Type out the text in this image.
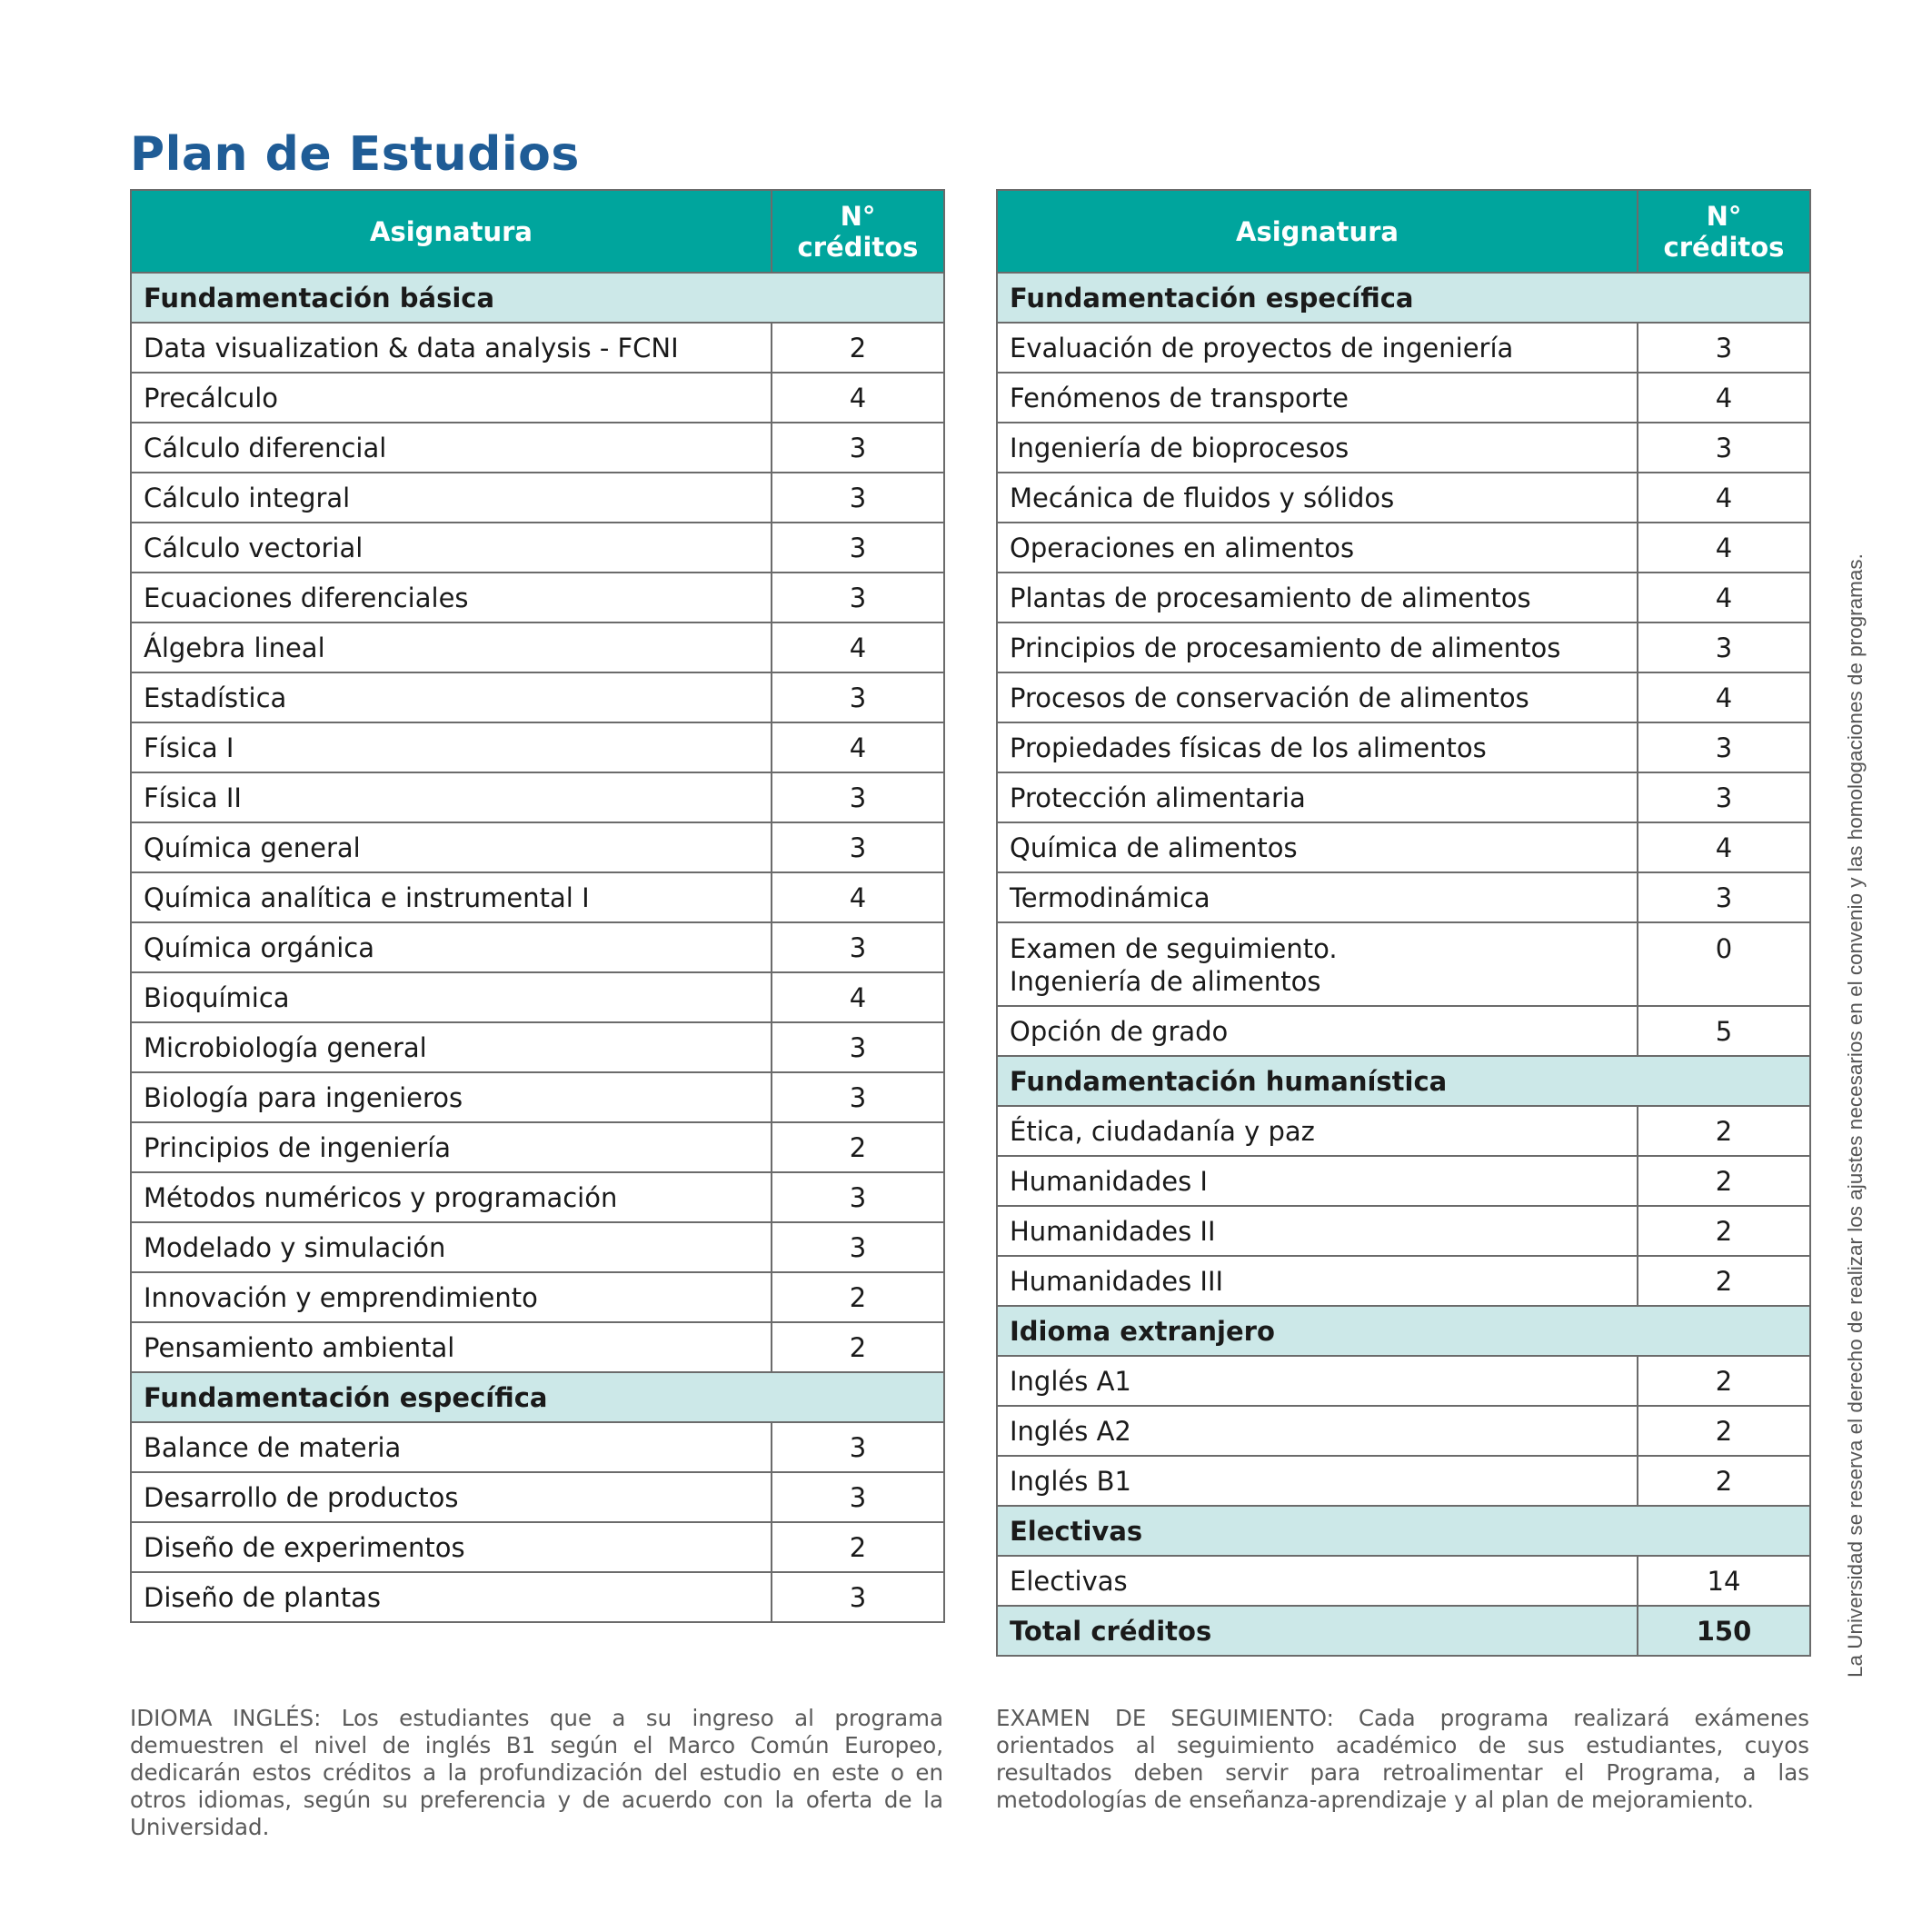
Plan de Estudios
Asignatura	N°
créditos
Fundamentación básica	
Data visualization & data analysis - FCNI	2
Precálculo	4
Cálculo diferencial	3
Cálculo integral	3
Cálculo vectorial	3
Ecuaciones diferenciales	3
Álgebra lineal	4
Estadística	3
Física I	4
Física II	3
Química general	3
Química analítica e instrumental I	4
Química orgánica	3
Bioquímica	4
Microbiología general	3
Biología para ingenieros	3
Principios de ingeniería	2
Métodos numéricos y programación	3
Modelado y simulación	3
Innovación y emprendimiento	2
Pensamiento ambiental	2
Fundamentación específica	
Balance de materia	3
Desarrollo de productos	3
Diseño de experimentos	2
Diseño de plantas	3
Asignatura	N°
créditos
Fundamentación específica	
Evaluación de proyectos de ingeniería	3
Fenómenos de transporte	4
Ingeniería de bioprocesos	3
Mecánica de fluidos y sólidos	4
Operaciones en alimentos	4
Plantas de procesamiento de alimentos	4
Principios de procesamiento de alimentos	3
Procesos de conservación de alimentos	4
Propiedades físicas de los alimentos	3
Protección alimentaria	3
Química de alimentos	4
Termodinámica	3
Examen de seguimiento.
Ingeniería de alimentos	0
Opción de grado	5
Fundamentación humanística	
Ética, ciudadanía y paz	2
Humanidades I	2
Humanidades II	2
Humanidades III	2
Idioma extranjero	
Inglés A1	2
Inglés A2	2
Inglés B1	2
Electivas	
Electivas	14
Total créditos	150

IDIOMA INGLÉS: Los estudiantes que a su ingreso al programa demuestren el nivel de inglés B1 según el Marco Común Europeo, dedicarán estos créditos a la profundización del estudio en este o en otros idiomas, según su preferencia y de acuerdo con la oferta de la Universidad.

EXAMEN DE SEGUIMIENTO: Cada programa realizará exámenes orientados al seguimiento académico de sus estudiantes, cuyos resultados deben servir para retroalimentar el Programa, a las metodologías de enseñanza-aprendizaje y al plan de mejoramiento.

La Universidad se reserva el derecho de realizar los ajustes necesarios en el convenio y las homologaciones de programas.
